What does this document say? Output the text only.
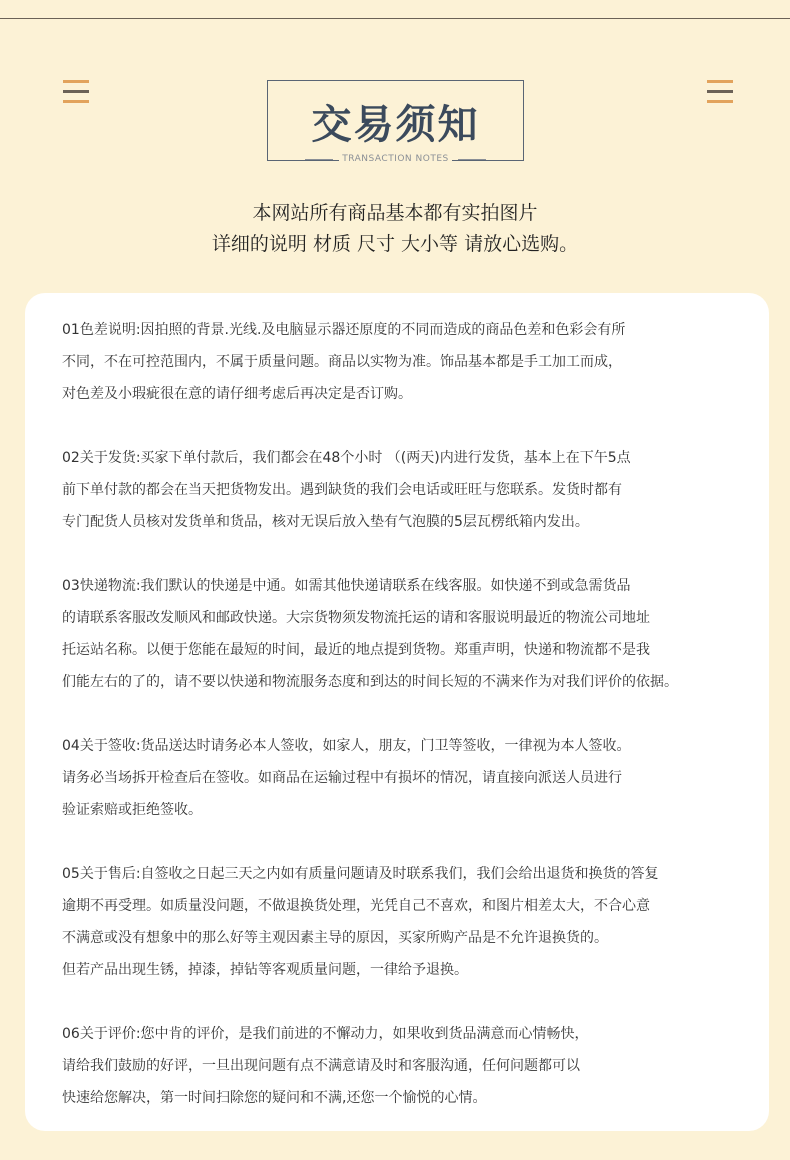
交易须知
TRANSACTION NOTES
本网站所有商品基本都有实拍图片
详细的说明 材质 尺寸 大小等 请放心选购。

01色差说明:因拍照的背景.光线.及电脑显示器还原度的不同而造成的商品色差和色彩会有所

不同，不在可控范围内，不属于质量问题。商品以实物为准。饰品基本都是手工加工而成，

对色差及小瑕疵很在意的请仔细考虑后再决定是否订购。

02关于发货:买家下单付款后，我们都会在48个小时 （(两天)内进行发货，基本上在下午5点

前下单付款的都会在当天把货物发出。遇到缺货的我们会电话或旺旺与您联系。发货时都有

专门配货人员核对发货单和货品，核对无误后放入垫有气泡膜的5层瓦楞纸箱内发出。

03快递物流:我们默认的快递是中通。如需其他快递请联系在线客服。如快递不到或急需货品

的请联系客服改发顺风和邮政快递。大宗货物须发物流托运的请和客服说明最近的物流公司地址

托运站名称。以便于您能在最短的时间，最近的地点提到货物。郑重声明，快递和物流都不是我

们能左右的了的，请不要以快递和物流服务态度和到达的时间长短的不满来作为对我们评价的依据。

04关于签收:货品送达时请务必本人签收，如家人，朋友，门卫等签收，一律视为本人签收。

请务必当场拆开检查后在签收。如商品在运输过程中有损坏的情况，请直接向派送人员进行

验证索赔或拒绝签收。

05关于售后:自签收之日起三天之内如有质量问题请及时联系我们，我们会给出退货和换货的答复

逾期不再受理。如质量没问题，不做退换货处理，光凭自己不喜欢，和图片相差太大，不合心意

不满意或没有想象中的那么好等主观因素主导的原因，买家所购产品是不允许退换货的。

但若产品出现生锈，掉漆，掉钻等客观质量问题，一律给予退换。

06关于评价:您中肯的评价，是我们前进的不懈动力，如果收到货品满意而心情畅快，

请给我们鼓励的好评，一旦出现问题有点不满意请及时和客服沟通，任何问题都可以

快速给您解决，第一时间扫除您的疑问和不满,还您一个愉悦的心情。
